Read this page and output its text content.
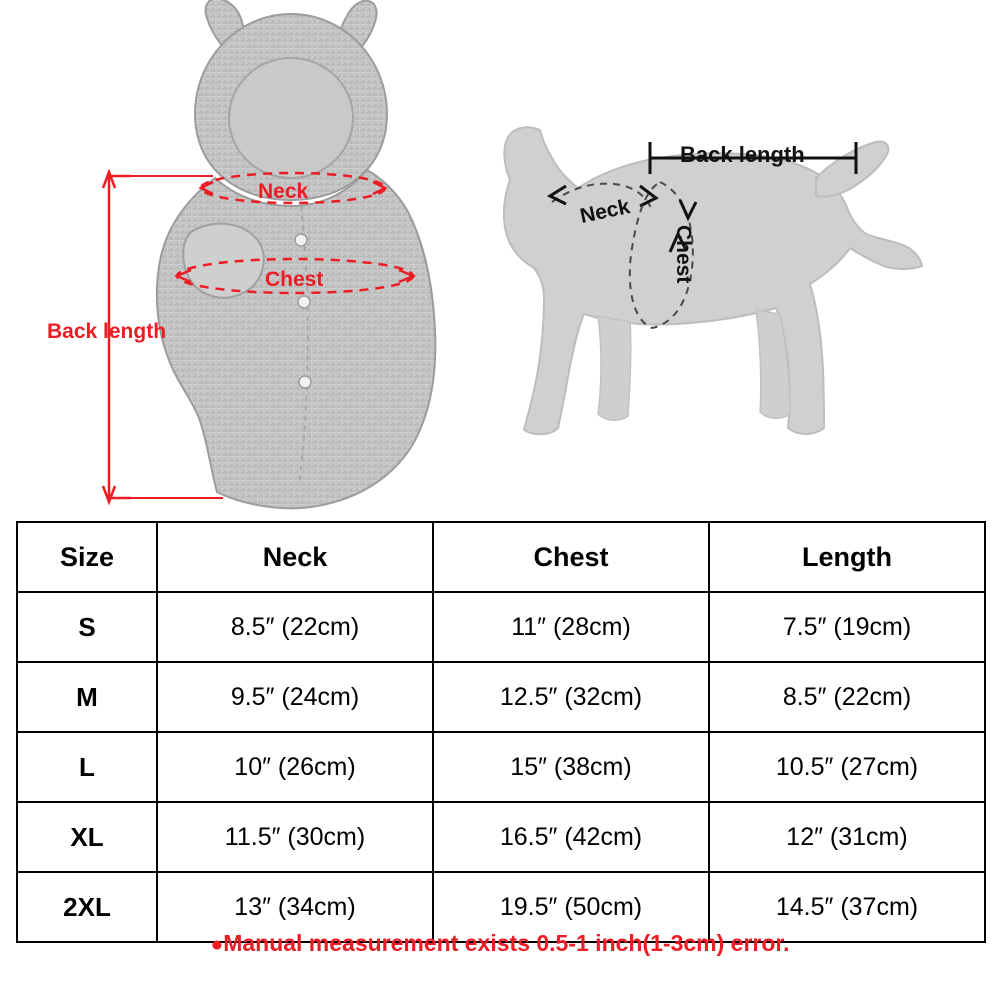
Neck
Chest
Back length
Neck
Chest
Back length
Size	Neck	Chest	Length
S	8.5″ (22cm)	11″ (28cm)	7.5″ (19cm)
M	9.5″ (24cm)	12.5″ (32cm)	8.5″ (22cm)
L	10″ (26cm)	15″ (38cm)	10.5″ (27cm)
XL	11.5″ (30cm)	16.5″ (42cm)	12″ (31cm)
2XL	13″ (34cm)	19.5″ (50cm)	14.5″ (37cm)
●Manual measurement exists 0.5-1 inch(1-3cm) error.
